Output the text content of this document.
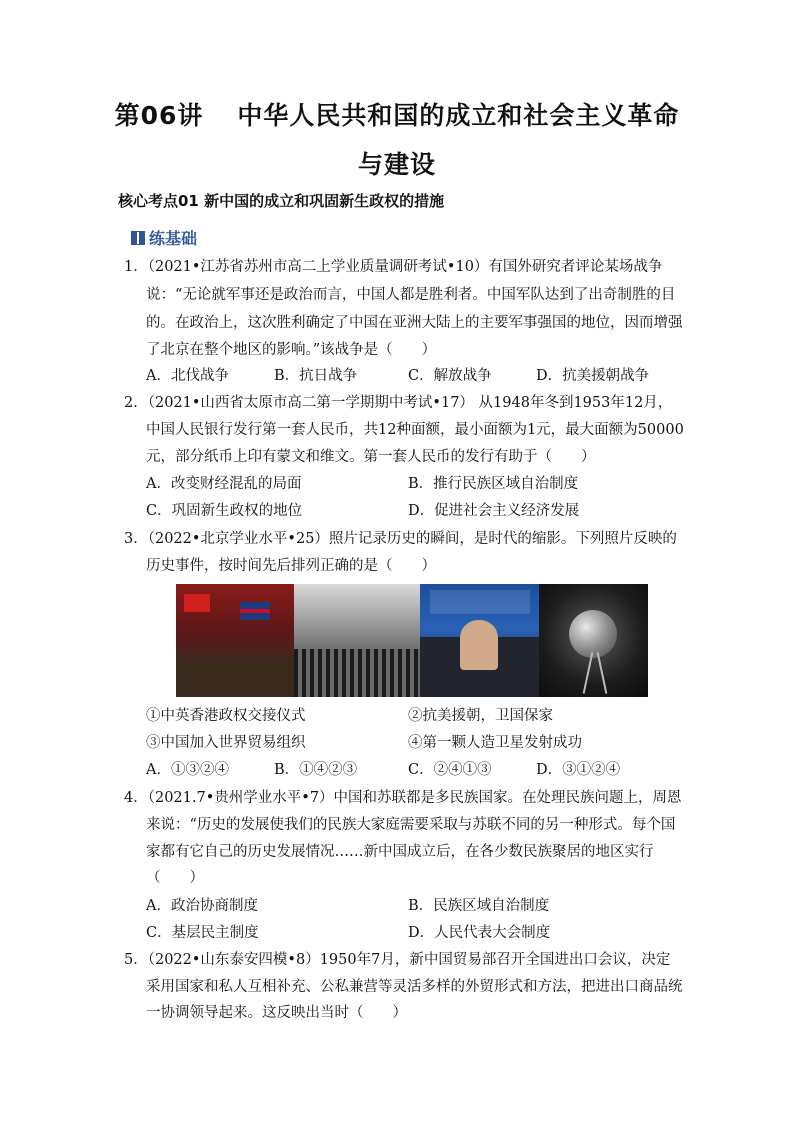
第06讲 中华人民共和国的成立和社会主义革命
与建设
核心考点01 新中国的成立和巩固新生政权的措施
练基础
1．（2021•江苏省苏州市高二上学业质量调研考试•10）有国外研究者评论某场战争
说：“无论就军事还是政治而言，中国人都是胜利者。中国军队达到了出奇制胜的目
的。在政治上，这次胜利确定了中国在亚洲大陆上的主要军事强国的地位，因而增强
了北京在整个地区的影响。”该战争是（　　）
A．北伐战争	B．抗日战争	C．解放战争	D．抗美援朝战争
2．（2021•山西省太原市高二第一学期期中考试•17） 从1948年冬到1953年12月，
中国人民银行发行第一套人民币，共12种面额，最小面额为1元，最大面额为50000
元，部分纸币上印有蒙文和维文。第一套人民币的发行有助于（　　）
A．改变财经混乱的局面	B．推行民族区域自治制度
C．巩固新生政权的地位	D．促进社会主义经济发展
3．（2022•北京学业水平•25）照片记录历史的瞬间，是时代的缩影。下列照片反映的
历史事件，按时间先后排列正确的是（　　）
①中英香港政权交接仪式	②抗美援朝，卫国保家
③中国加入世界贸易组织	④第一颗人造卫星发射成功
A．①③②④	B．①④②③	C．②④①③	D．③①②④
4．（2021.7•贵州学业水平•7）中国和苏联都是多民族国家。在处理民族问题上，周恩
来说：“历史的发展使我们的民族大家庭需要采取与苏联不同的另一种形式。每个国
家都有它自己的历史发展情况……新中国成立后，在各少数民族聚居的地区实行
（　　）
A．政治协商制度	B．民族区域自治制度
C．基层民主制度	D．人民代表大会制度
5．（2022•山东泰安四模•8）1950年7月，新中国贸易部召开全国进出口会议，决定
采用国家和私人互相补充、公私兼营等灵活多样的外贸形式和方法，把进出口商品统
一协调领导起来。这反映出当时（　　）
